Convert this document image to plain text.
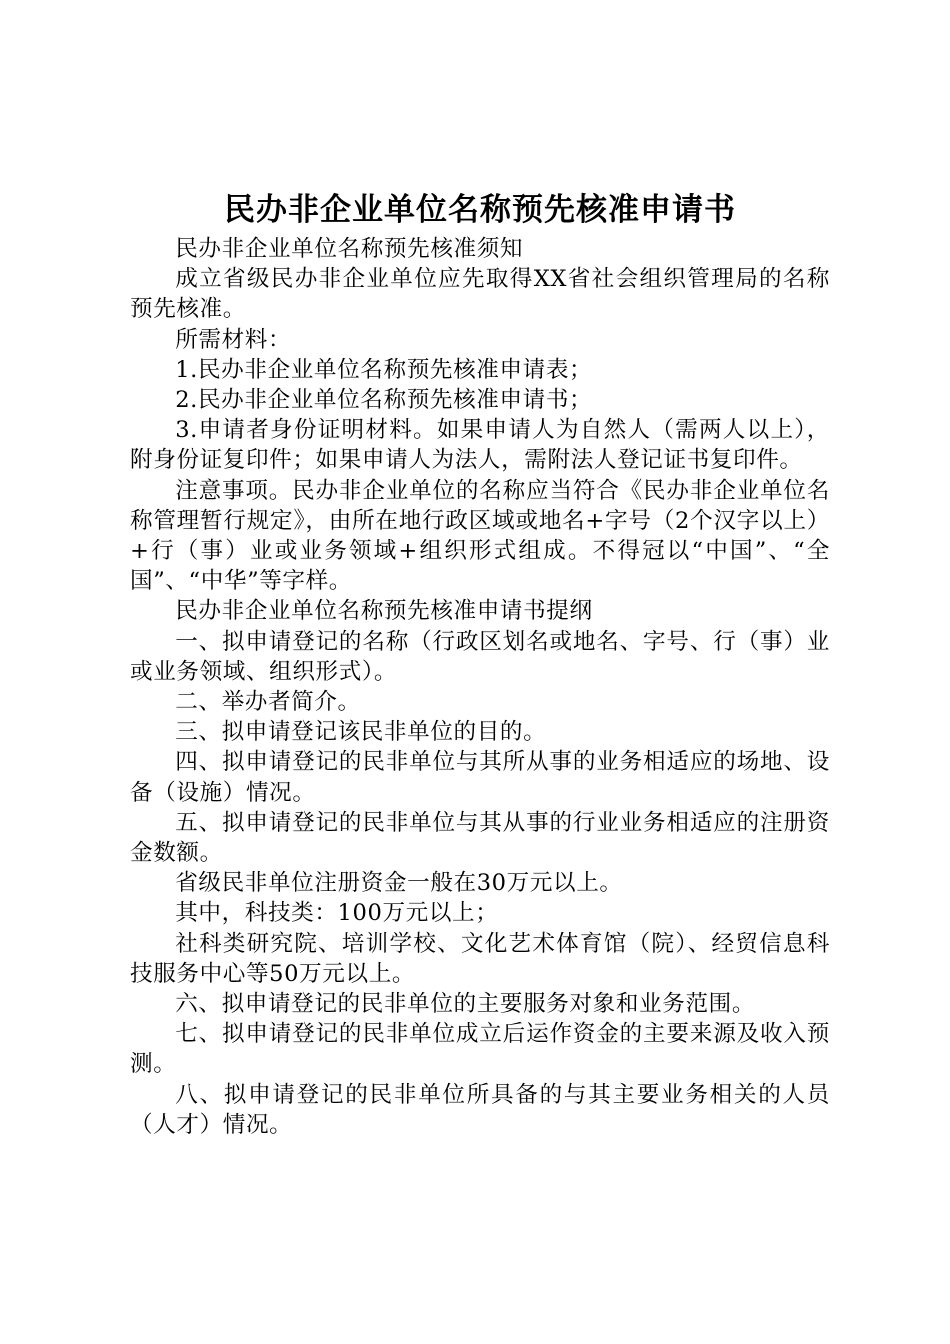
民办非企业单位名称预先核准申请书

民办非企业单位名称预先核准须知

成立省级民办非企业单位应先取得XX省社会组织管理局的名称预先核准。

所需材料：

1.民办非企业单位名称预先核准申请表；

2.民办非企业单位名称预先核准申请书；

3.申请者身份证明材料。如果申请人为自然人（需两人以上），附身份证复印件；如果申请人为法人，需附法人登记证书复印件。

注意事项。民办非企业单位的名称应当符合《民办非企业单位名称管理暂行规定》，由所在地行政区域或地名+字号（2个汉字以上）+行（事）业或业务领域+组织形式组成。不得冠以“中国”、“全国”、“中华”等字样。

民办非企业单位名称预先核准申请书提纲

一、拟申请登记的名称（行政区划名或地名、字号、行（事）业或业务领域、组织形式）。

二、举办者简介。

三、拟申请登记该民非单位的目的。

四、拟申请登记的民非单位与其所从事的业务相适应的场地、设备（设施）情况。

五、拟申请登记的民非单位与其从事的行业业务相适应的注册资金数额。

省级民非单位注册资金一般在30万元以上。

其中，科技类：100万元以上；

社科类研究院、培训学校、文化艺术体育馆（院）、经贸信息科技服务中心等50万元以上。

六、拟申请登记的民非单位的主要服务对象和业务范围。

七、拟申请登记的民非单位成立后运作资金的主要来源及收入预测。

八、拟申请登记的民非单位所具备的与其主要业务相关的人员（人才）情况。
